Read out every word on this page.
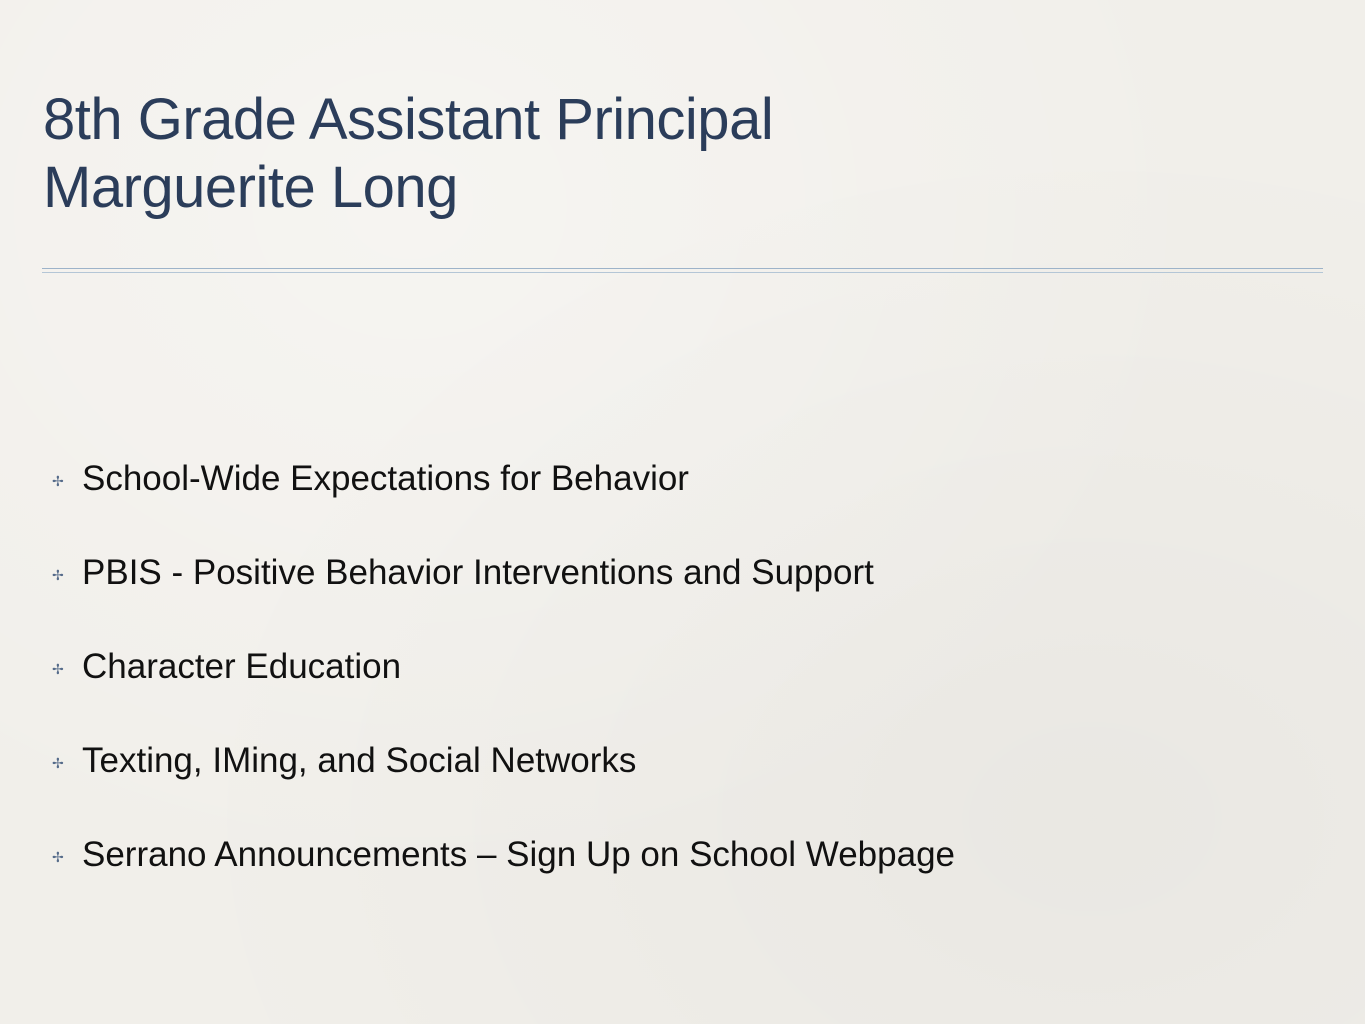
8th Grade Assistant Principal
Marguerite Long
✢ School-Wide Expectations for Behavior
✢ PBIS - Positive Behavior Interventions and Support
✢ Character Education
✢ Texting, IMing, and Social Networks
✢ Serrano Announcements – Sign Up on School Webpage
